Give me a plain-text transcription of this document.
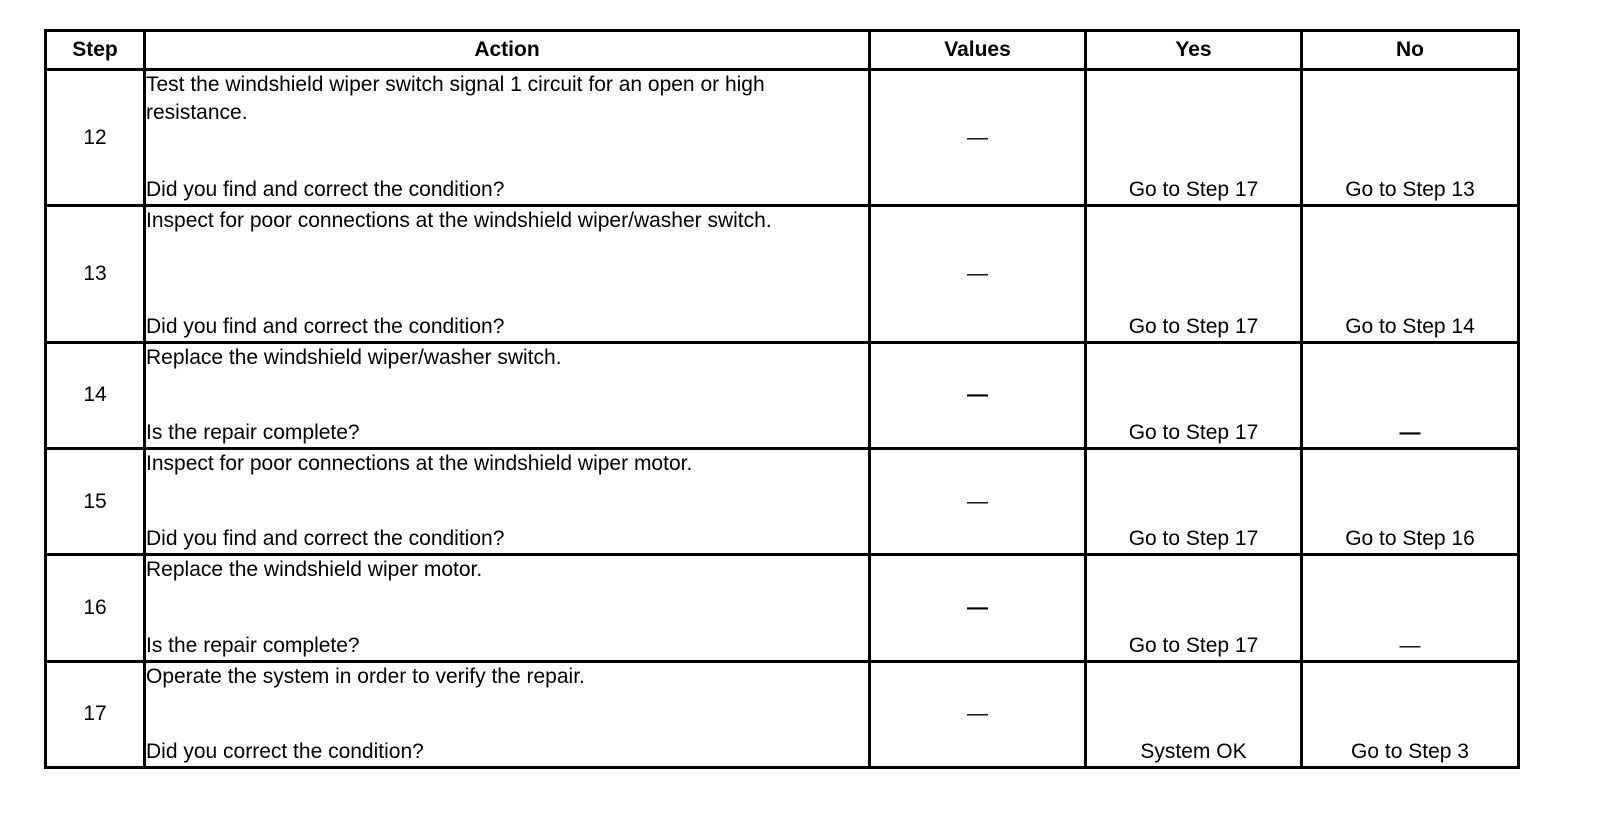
Step	Action	Values	Yes	No
12	Test the windshield wiper switch signal 1 circuit for an open or high resistance.
Did you find and correct the condition?	—	Go to Step 17	Go to Step 13
13	Inspect for poor connections at the windshield wiper/washer switch.
Did you find and correct the condition?	—	Go to Step 17	Go to Step 14
14	Replace the windshield wiper/washer switch.
Is the repair complete?	—	Go to Step 17	—
15	Inspect for poor connections at the windshield wiper motor.
Did you find and correct the condition?	—	Go to Step 17	Go to Step 16
16	Replace the windshield wiper motor.
Is the repair complete?	—	Go to Step 17	—
17	Operate the system in order to verify the repair.
Did you correct the condition?	—	System OK	Go to Step 3
